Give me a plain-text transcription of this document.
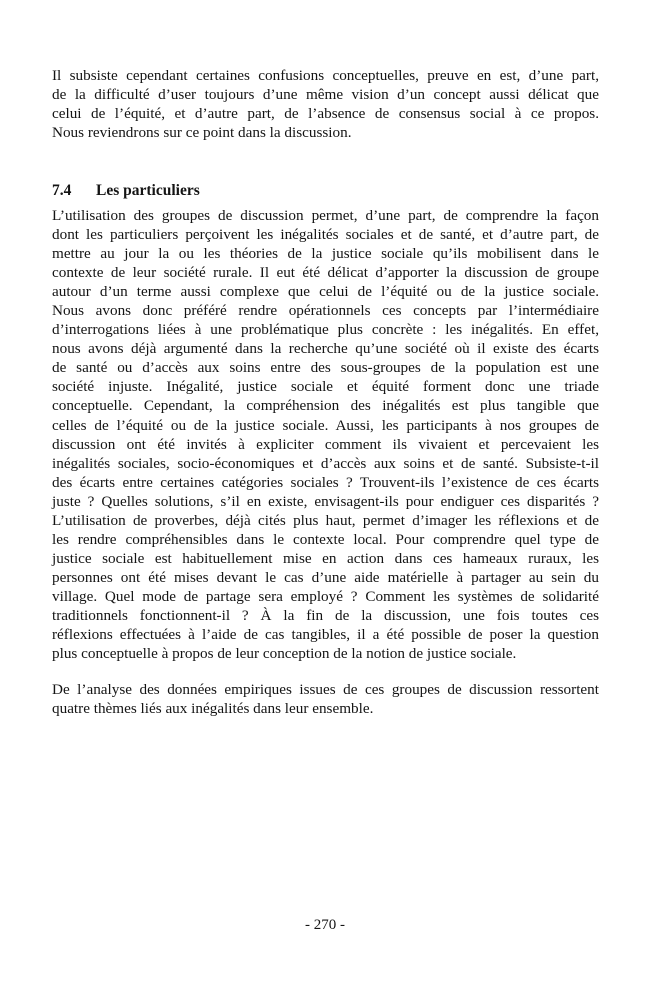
Il subsiste cependant certaines confusions conceptuelles, preuve en est, d’une part,
de la difficulté d’user toujours d’une même vision d’un concept aussi délicat que
celui de l’équité, et d’autre part, de l’absence de consensus social à ce propos.
Nous reviendrons sur ce point dans la discussion.
7.4 Les particuliers
L’utilisation des groupes de discussion permet, d’une part, de comprendre la façon
dont les particuliers perçoivent les inégalités sociales et de santé, et d’autre part, de
mettre au jour la ou les théories de la justice sociale qu’ils mobilisent dans le
contexte de leur société rurale. Il eut été délicat d’apporter la discussion de groupe
autour d’un terme aussi complexe que celui de l’équité ou de la justice sociale.
Nous avons donc préféré rendre opérationnels ces concepts par l’intermédiaire
d’interrogations liées à une problématique plus concrète : les inégalités. En effet,
nous avons déjà argumenté dans la recherche qu’une société où il existe des écarts
de santé ou d’accès aux soins entre des sous-groupes de la population est une
société injuste. Inégalité, justice sociale et équité forment donc une triade
conceptuelle. Cependant, la compréhension des inégalités est plus tangible que
celles de l’équité ou de la justice sociale. Aussi, les participants à nos groupes de
discussion ont été invités à expliciter comment ils vivaient et percevaient les
inégalités sociales, socio-économiques et d’accès aux soins et de santé. Subsiste-t-il
des écarts entre certaines catégories sociales ? Trouvent-ils l’existence de ces écarts
juste ? Quelles solutions, s’il en existe, envisagent-ils pour endiguer ces disparités ?
L’utilisation de proverbes, déjà cités plus haut, permet d’imager les réflexions et de
les rendre compréhensibles dans le contexte local. Pour comprendre quel type de
justice sociale est habituellement mise en action dans ces hameaux ruraux, les
personnes ont été mises devant le cas d’une aide matérielle à partager au sein du
village. Quel mode de partage sera employé ? Comment les systèmes de solidarité
traditionnels fonctionnent-il ? À la fin de la discussion, une fois toutes ces
réflexions effectuées à l’aide de cas tangibles, il a été possible de poser la question
plus conceptuelle à propos de leur conception de la notion de justice sociale.
De l’analyse des données empiriques issues de ces groupes de discussion ressortent
quatre thèmes liés aux inégalités dans leur ensemble.
- 270 -
